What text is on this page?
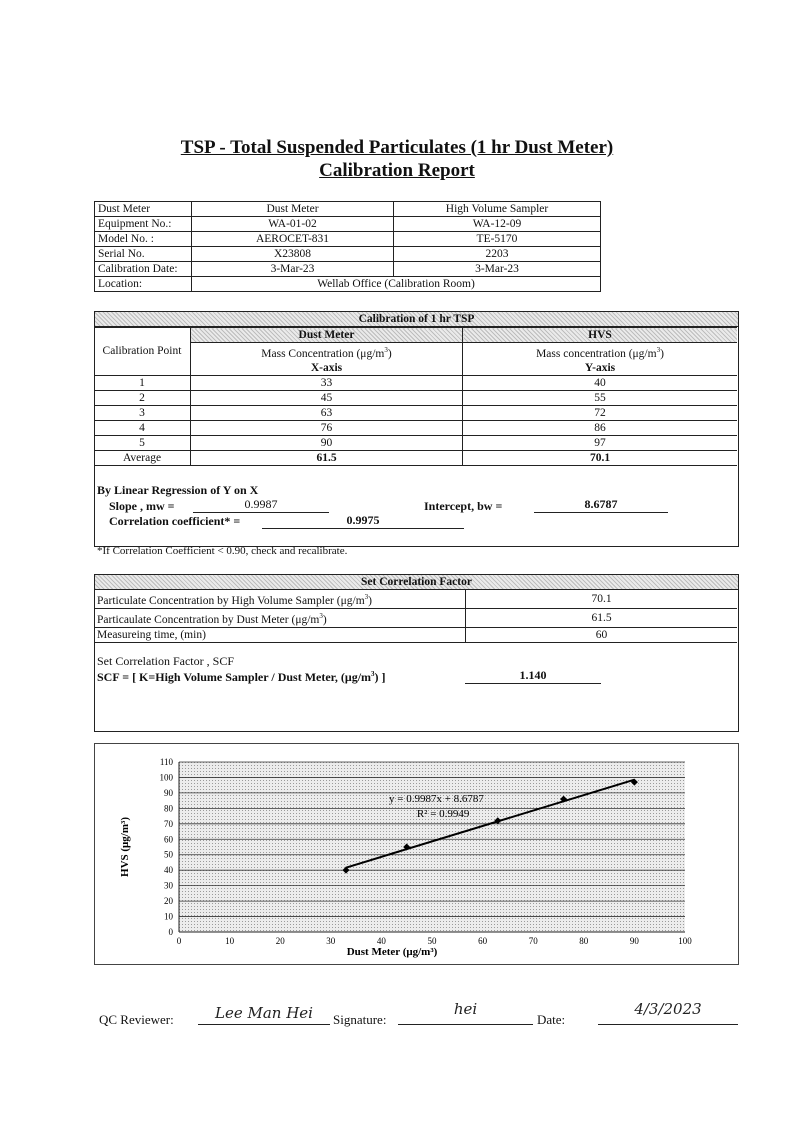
TSP - Total Suspended Particulates (1 hr Dust Meter)
Calibration Report
Dust Meter	Dust Meter	High Volume Sampler
Equipment No.:	WA-01-02	WA-12-09
Model No. :	AEROCET-831	TE-5170
Serial No.	X23808	2203
Calibration Date:	3-Mar-23	3-Mar-23
Location:	Wellab Office (Calibration Room)	
Calibration of 1 hr TSP
Calibration Point	Dust Meter	HVS
	Mass Concentration $(\mu g/m^3)$	Mass concentration $(\mu g/m^3)$
	X-axis	Y-axis
1	33	40
2	45	55
3	63	72
4	76	86
5	90	97
Average	61.5	70.1
By Linear Regression of Y on X
Slope , mw =	0.9987	Intercept, bw =	8.6787
Correlation coefficient* =	0.9975
*If Correlation Coefficient < 0.90, check and recalibrate.
Set Correlation Factor
Particulate Concentration by High Volume Sampler $(\mu g/m^3)$	70.1
Particaulate Concentration by Dust Meter $(\mu g/m^3)$	61.5
Measureing time, (min)	60
Set Correlation Factor , SCF
SCF = [ K=High Volume Sampler / Dust Meter, $(\mu g/m^3)$ ]	1.140
0
10
20
30
40
50
60
70
80
90
100
110
0	10	20	30	40	50	60	70	80	90	100
y = 0.9987x + 8.6787
R² = 0.9949
Dust Meter (μg/m³)
HVS (μg/m³)
QC Reviewer:	Lee Man Hei	Signature:
hei
Date:
4/3/2023
